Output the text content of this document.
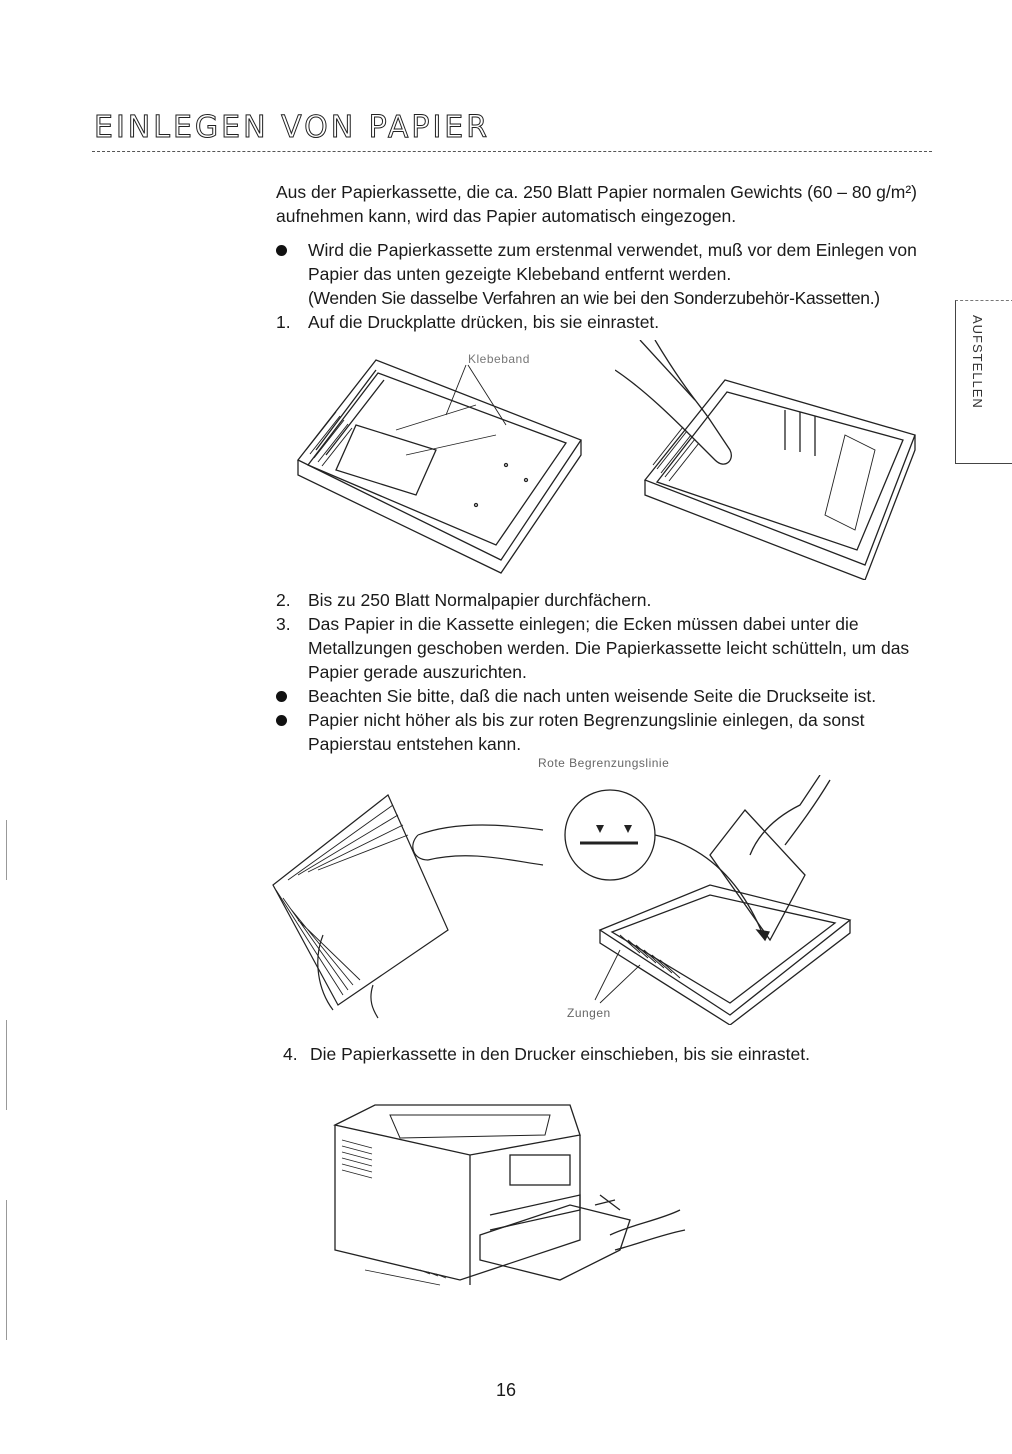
EINLEGEN VON PAPIER
AUFSTELLEN

Aus der Papierkassette, die ca. 250 Blatt Papier normalen Gewichts (60 – 80 g/m²) aufnehmen kann, wird das Papier automatisch eingezogen.

Wird die Papierkassette zum erstenmal verwendet, muß vor dem Einlegen von Papier das unten gezeigte Klebeband entfernt werden.

(Wenden Sie dasselbe Verfahren an wie bei den Sonderzubehör-Kassetten.)

1. Auf die Druckplatte drücken, bis sie einrastet.

Klebeband
2. Bis zu 250 Blatt Normalpapier durchfächern.

3. Das Papier in die Kassette einlegen; die Ecken müssen dabei unter die Metallzungen geschoben werden. Die Papierkassette leicht schütteln, um das Papier gerade auszurichten.

Beachten Sie bitte, daß die nach unten weisende Seite die Druckseite ist.

Papier nicht höher als bis zur roten Begrenzungslinie einlegen, da sonst Papierstau entstehen kann.

Rote Begrenzungslinie
Zungen
4. Die Papierkassette in den Drucker einschieben, bis sie einrastet.

16
